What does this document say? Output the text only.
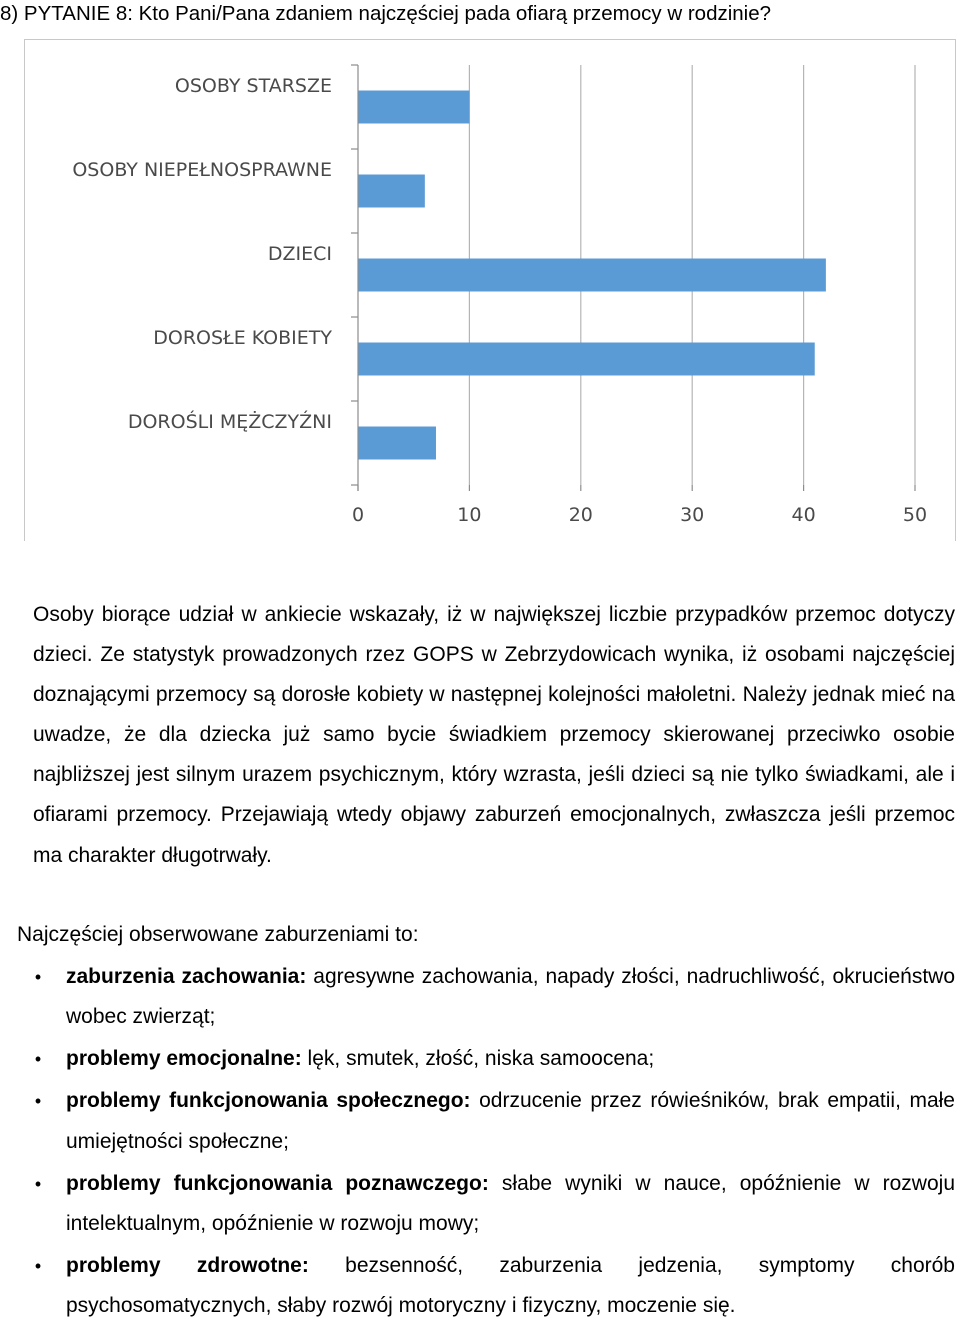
8) PYTANIE 8: Kto Pani/Pana zdaniem najczęściej pada ofiarą przemocy w rodzinie?
OSOBY STARSZE
OSOBY NIEPEŁNOSPRAWNE
DZIECI
DOROSŁE KOBIETY
DOROŚLI MĘŻCZYŹNI
0	10	20	30	40	50

Osoby biorące udział w ankiecie wskazały, iż w największej liczbie przypadków przemoc dotyczy dzieci. Ze statystyk prowadzonych rzez GOPS w Zebrzydowicach wynika, iż osobami najczęściej doznającymi przemocy są dorosłe kobiety w następnej kolejności małoletni. Należy jednak mieć na uwadze, że dla dziecka już samo bycie świadkiem przemocy skierowanej przeciwko osobie najbliższej jest silnym urazem psychicznym, który wzrasta, jeśli dzieci są nie tylko świadkami, ale i ofiarami przemocy. Przejawiają wtedy objawy zaburzeń emocjonalnych, zwłaszcza jeśli przemoc ma charakter długotrwały.

Najczęściej obserwowane zaburzeniami to:

• zaburzenia zachowania: agresywne zachowania, napady złości, nadruchliwość, okrucieństwo wobec zwierząt;
• problemy emocjonalne: lęk, smutek, złość, niska samoocena;
• problemy funkcjonowania społecznego: odrzucenie przez rówieśników, brak empatii, małe umiejętności społeczne;
• problemy funkcjonowania poznawczego: słabe wyniki w nauce, opóźnienie w rozwoju intelektualnym, opóźnienie w rozwoju mowy;
• problemy zdrowotne: bezsenność, zaburzenia jedzenia, symptomy chorób psychosomatycznych, słaby rozwój motoryczny i fizyczny, moczenie się.
